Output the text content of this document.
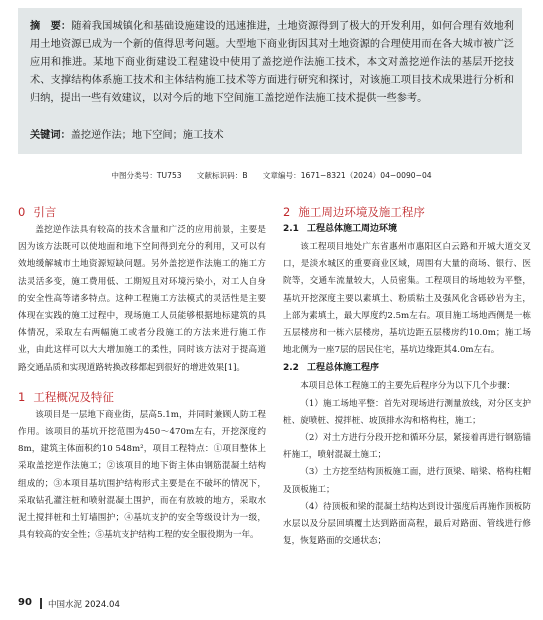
摘　要：随着我国城镇化和基础设施建设的迅速推进，土地资源得到了极大的开发利用，如何合理有效地利用土地资源已成为一个新的值得思考问题。大型地下商业街因其对土地资源的合理使用而在各大城市被广泛应用和推进。某地下商业街建设工程建设中使用了盖挖逆作法施工技术，本文对盖挖逆作法的基层开挖技术、支撑结构体系施工技术和主体结构施工技术等方面进行研究和探讨，对该施工项目技术成果进行分析和归纳，提出一些有效建议，以对今后的地下空间施工盖挖逆作法施工技术提供一些参考。

关键词：盖挖逆作法；地下空间；施工技术

中图分类号：TU753　　文献标识码：B　　文章编号：1671−8321（2024）04−0090−04
0 引言

盖挖逆作法具有较高的技术含量和广泛的应用前景，主要是因为该方法既可以使地面和地下空间得到充分的利用，又可以有效地缓解城市土地资源短缺问题。另外盖挖逆作法施工的施工方法灵活多变，施工费用低、工期短且对环境污染小，对工人自身的安全性高等诸多特点。这种工程施工方法模式的灵活性是主要体现在实践的施工过程中，现场施工人员能够根据地标建筑的具体情况，采取左右两幅施工或者分段施工的方法来进行施工作业，由此这样可以大大增加施工的柔性，同时该方法对于提高道路交通品质和实现道路转换改移都起到很好的增进效果[1]。

1 工程概况及特征

该项目是一层地下商业街，层高5.1m，并同时兼顾人防工程作用。该项目的基坑开挖范围为450～470m左右，开挖深度约8m，建筑主体面积约10 548m²，项目工程特点：①项目整体上采取盖挖逆作法施工；②该项目的地下街主体由钢筋混凝土结构组成的；③本项目基坑围护结构形式主要是在不破坏的情况下，采取钻孔灌注桩和喷射混凝土围护，而在有放坡的地方，采取水泥土搅拌桩和土钉墙围护；④基坑支护的安全等级设计为一级，具有较高的安全性；⑤基坑支护结构工程的安全服役期为一年。

2 施工周边环境及施工程序
2.1 工程总体施工周边环境

该工程项目地处广东省惠州市惠阳区白云路和开城大道交叉口，是淡水城区的重要商业区域，周围有大量的商场、银行、医院等，交通车流量较大，人员密集。工程项目的场地较为平整，基坑开挖深度主要以素填土、粉质粘土及强风化含砾砂岩为主，上部为素填土，最大厚度约2.5m左右。项目施工场地西侧是一栋五层楼房和一栋六层楼房，基坑边距五层楼房约10.0m；施工场地北侧为一座7层的居民住宅，基坑边缘距其4.0m左右。

2.2 工程总体施工程序

本项目总体工程施工的主要先后程序分为以下几个步骤：

（1）施工场地平整：首先对现场进行测量放线，对分区支护桩、旋喷桩、搅拌桩、坡顶排水沟和格构柱，施工；

（2）对土方进行分段开挖和循环分层，紧接着再进行钢筋锚杆施工，喷射混凝土施工；

（3）土方挖至结构顶板施工面，进行顶梁、暗梁、格构柱帽及顶板施工；

（4）待顶板和梁的混凝土结构达到设计强度后再施作顶板防水层以及分层回填覆土达到路面高程，最后对路面、管线进行修复，恢复路面的交通状态；

90 中国水泥 2024.04
